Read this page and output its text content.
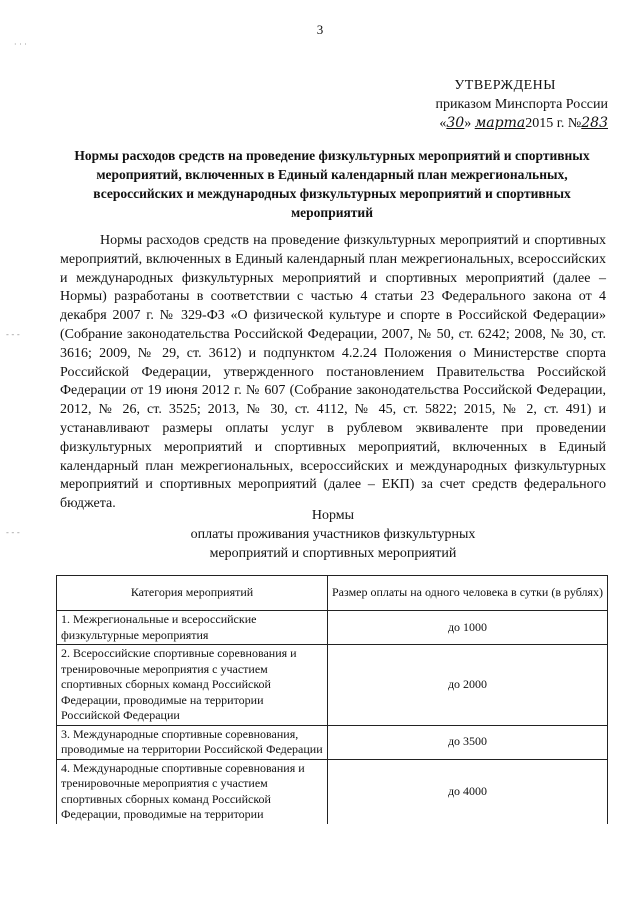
· · ·
- - -
- - -
3
УТВЕРЖДЕНЫ
приказом Минспорта России
«30» марта2015 г. №283
Нормы расходов средств на проведение физкультурных мероприятий и спортивных мероприятий, включенных в Единый календарный план межрегиональных, всероссийских и международных физкультурных мероприятий и спортивных мероприятий

Нормы расходов средств на проведение физкультурных мероприятий и спортивных мероприятий, включенных в Единый календарный план межрегиональных, всероссийских и международных физкультурных мероприятий и спортивных мероприятий (далее – Нормы) разработаны в соответствии с частью 4 статьи 23 Федерального закона от 4 декабря 2007 г. № 329-ФЗ «О физической культуре и спорте в Российской Федерации» (Собрание законодательства Российской Федерации, 2007, № 50, ст. 6242; 2008, № 30, ст. 3616; 2009, № 29, ст. 3612) и подпунктом 4.2.24 Положения о Министерстве спорта Российской Федерации, утвержденного постановлением Правительства Российской Федерации от 19 июня 2012 г. № 607 (Собрание законодательства Российской Федерации, 2012, № 26, ст. 3525; 2013, № 30, ст. 4112, № 45, ст. 5822; 2015, № 2, ст. 491) и устанавливают размеры оплаты услуг в рублевом эквиваленте при проведении физкультурных мероприятий и спортивных мероприятий, включенных в Единый календарный план межрегиональных, всероссийских и международных физкультурных мероприятий и спортивных мероприятий (далее – ЕКП) за счет средств федерального бюджета.

Нормы
оплаты проживания участников физкультурных
мероприятий и спортивных мероприятий
Категория мероприятий	Размер оплаты на одного человека в сутки (в рублях)
1. Межрегиональные и всероссийские физкультурные мероприятия	до 1000
2. Всероссийские спортивные соревнования и тренировочные мероприятия с участием спортивных сборных команд Российской Федерации, проводимые на территории Российской Федерации	до 2000
3. Международные спортивные соревнования, проводимые на территории Российской Федерации	до 3500
4. Международные спортивные соревнования и тренировочные мероприятия с участием спортивных сборных команд Российской Федерации, проводимые на территории	до 4000
